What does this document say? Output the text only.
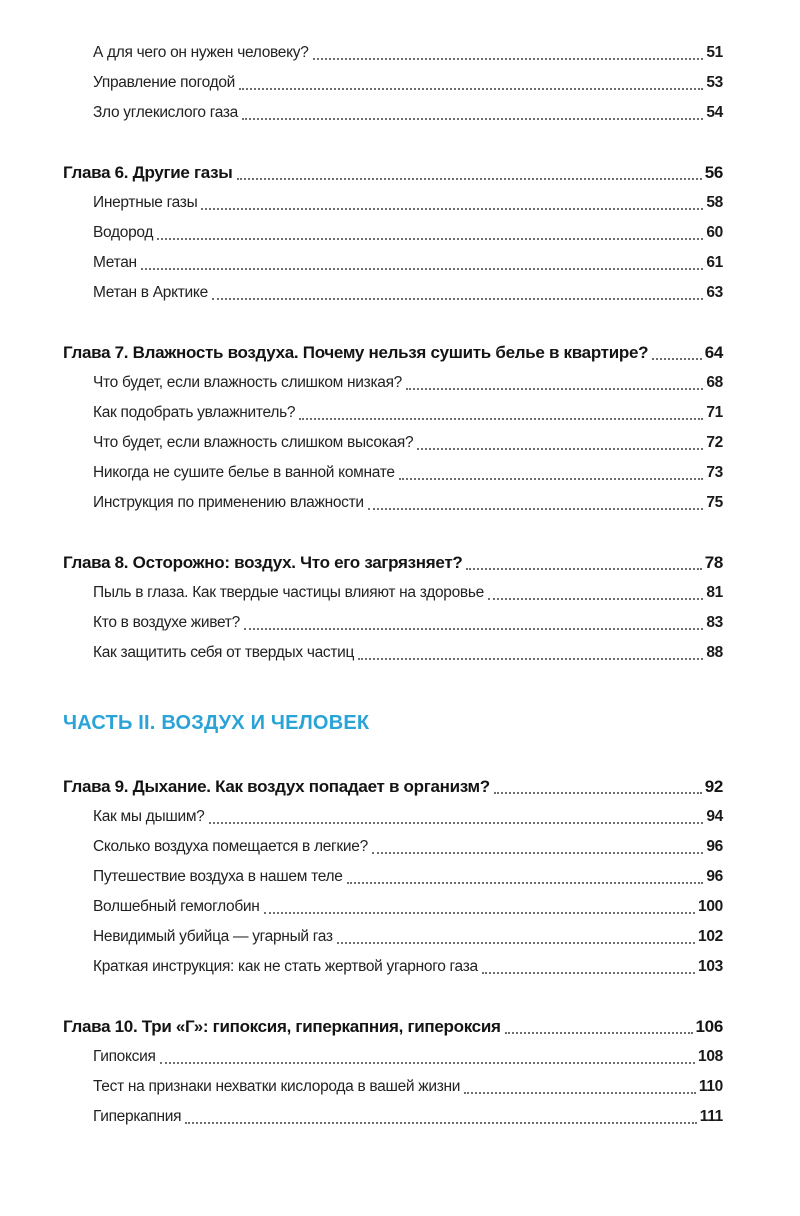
А для чего он нужен человеку?	51
Управление погодой	53
Зло углекислого газа	54
Глава 6. Другие газы	56
Инертные газы	58
Водород	60
Метан	61
Метан в Арктике	63
Глава 7. Влажность воздуха. Почему нельзя сушить белье в квартире?	64
Что будет, если влажность слишком низкая?	68
Как подобрать увлажнитель?	71
Что будет, если влажность слишком высокая?	72
Никогда не сушите белье в ванной комнате	73
Инструкция по применению влажности	75
Глава 8. Осторожно: воздух. Что его загрязняет?	78
Пыль в глаза. Как твердые частицы влияют на здоровье	81
Кто в воздухе живет?	83
Как защитить себя от твердых частиц	88
ЧАСТЬ II. ВОЗДУХ И ЧЕЛОВЕК
Глава 9. Дыхание. Как воздух попадает в организм?	92
Как мы дышим?	94
Сколько воздуха помещается в легкие?	96
Путешествие воздуха в нашем теле	96
Волшебный гемоглобин	100
Невидимый убийца — угарный газ	102
Краткая инструкция: как не стать жертвой угарного газа	103
Глава 10. Три «Г»: гипоксия, гиперкапния, гипероксия	106
Гипоксия	108
Тест на признаки нехватки кислорода в вашей жизни	110
Гиперкапния	111
